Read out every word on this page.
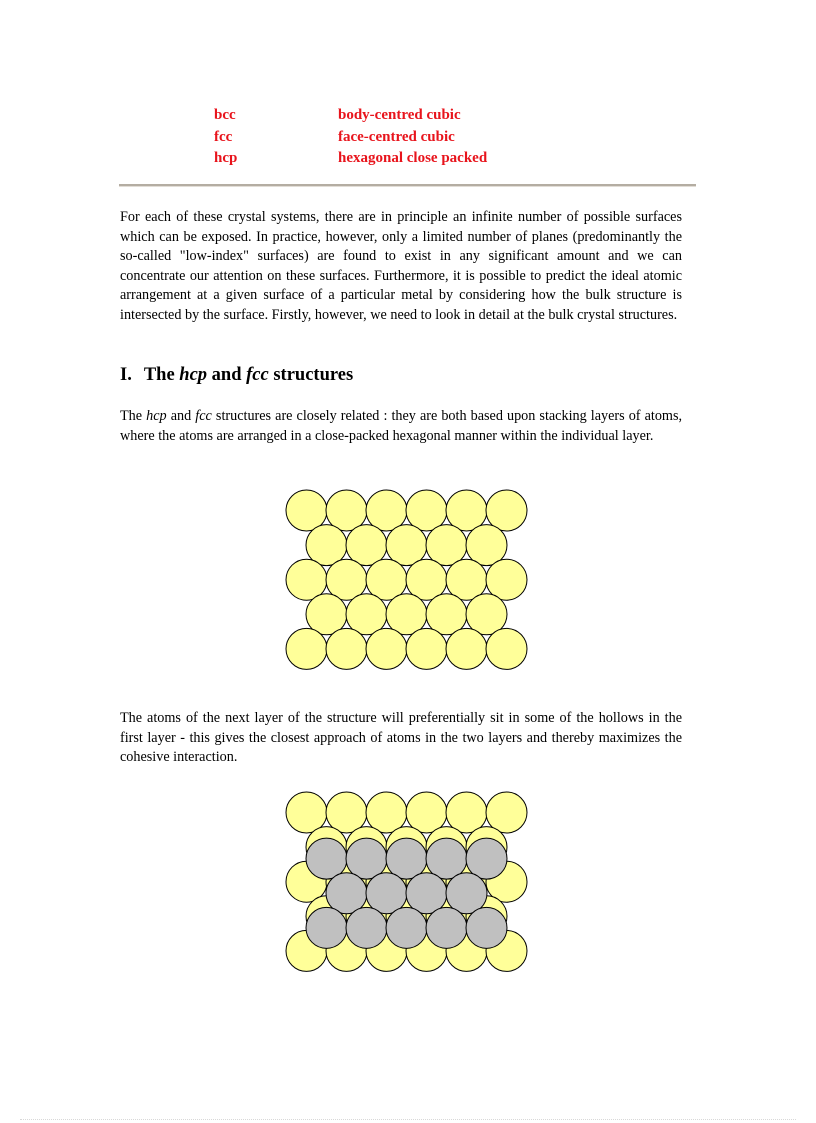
bcc	body-centred cubic
fcc	face-centred cubic
hcp	hexagonal close packed

For each of these crystal systems, there are in principle an infinite number of possible surfaces which can be exposed. In practice, however, only a limited number of planes (predominantly the so-called "low-index" surfaces) are found to exist in any significant amount and we can concentrate our attention on these surfaces. Furthermore, it is possible to predict the ideal atomic arrangement at a given surface of a particular metal by considering how the bulk structure is intersected by the surface. Firstly, however, we need to look in detail at the bulk crystal structures.

I. The hcp and fcc structures

The hcp and fcc structures are closely related : they are both based upon stacking layers of atoms, where the atoms are arranged in a close-packed hexagonal manner within the individual layer.

The atoms of the next layer of the structure will preferentially sit in some of the hollows in the first layer - this gives the closest approach of atoms in the two layers and thereby maximizes the cohesive interaction.
